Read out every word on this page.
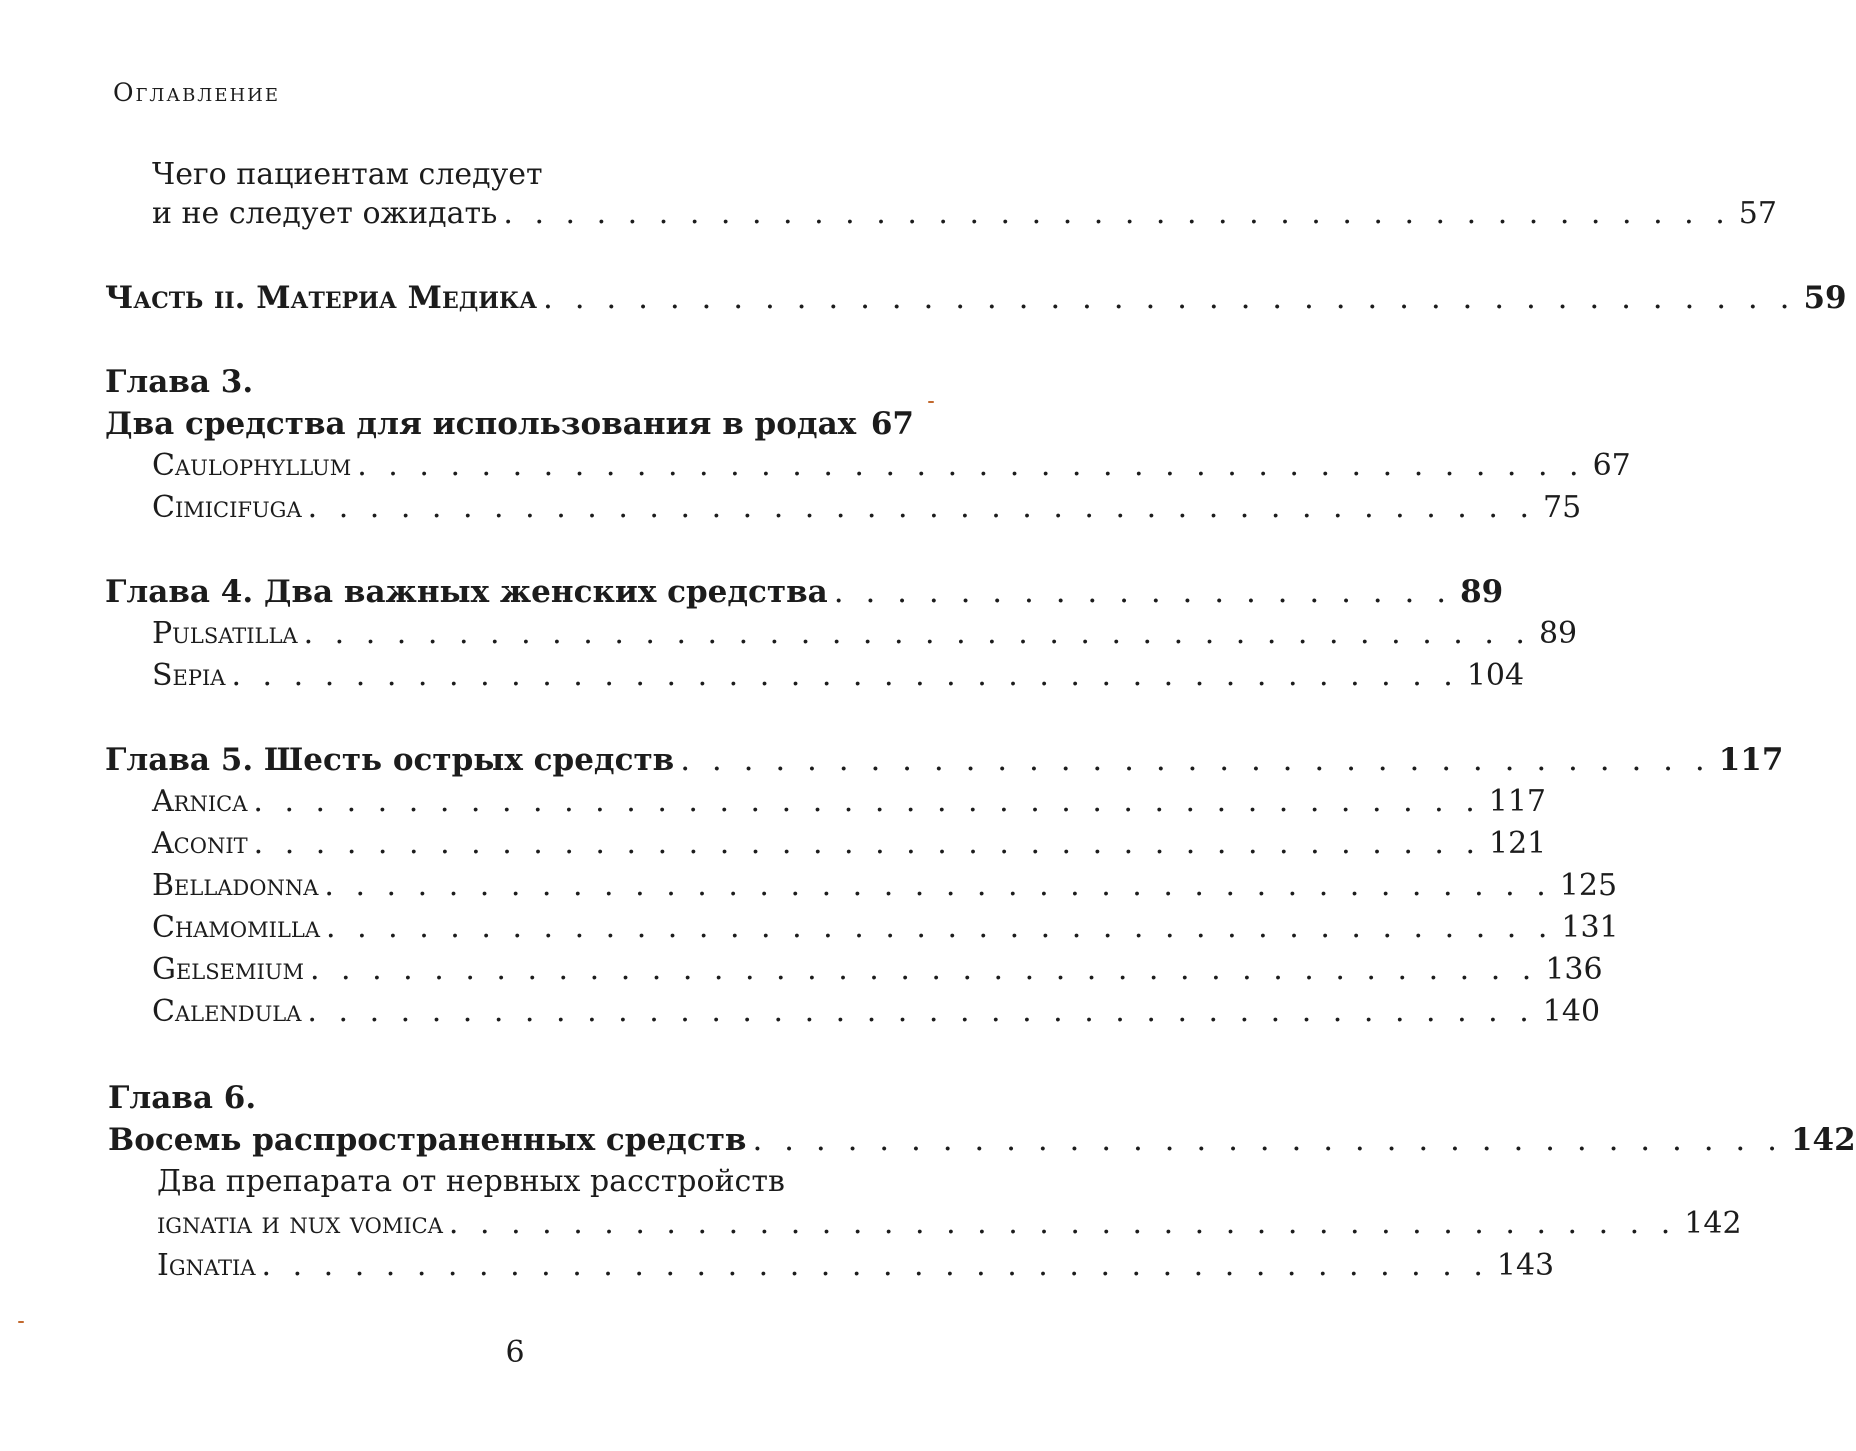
Оглавление
Чего пациентам следует
и не следует ожидать . . . . . . . . . . . . . . . . . . . . . . . . . . . . . . . . . . . . . . . . 57
Часть ii. Материа Медика . . . . . . . . . . . . . . . . . . . . . . . . . . . . . . . . . . . . . . . . 59
Глава 3.
Два средства для использования в родах 67
Caulophyllum . . . . . . . . . . . . . . . . . . . . . . . . . . . . . . . . . . . . . . . . 67
Cimicifuga . . . . . . . . . . . . . . . . . . . . . . . . . . . . . . . . . . . . . . . . 75
Глава 4. Два важных женских средства . . . . . . . . . . . . . . . . . . . . 89
Pulsatilla . . . . . . . . . . . . . . . . . . . . . . . . . . . . . . . . . . . . . . . . 89
Sepia . . . . . . . . . . . . . . . . . . . . . . . . . . . . . . . . . . . . . . . . 104
Глава 5. Шесть острых средств . . . . . . . . . . . . . . . . . . . . . . . . . . . . . . . . . 117
Arnica . . . . . . . . . . . . . . . . . . . . . . . . . . . . . . . . . . . . . . . . 117
Aconit . . . . . . . . . . . . . . . . . . . . . . . . . . . . . . . . . . . . . . . . 121
Belladonna . . . . . . . . . . . . . . . . . . . . . . . . . . . . . . . . . . . . . . . . 125
Chamomilla . . . . . . . . . . . . . . . . . . . . . . . . . . . . . . . . . . . . . . . . 131
Gelsemium . . . . . . . . . . . . . . . . . . . . . . . . . . . . . . . . . . . . . . . . 136
Calendula . . . . . . . . . . . . . . . . . . . . . . . . . . . . . . . . . . . . . . . . 140
Глава 6.
Восемь распространенных средств . . . . . . . . . . . . . . . . . . . . . . . . . . . . . . . . . 142
Два препарата от нервных расстройств
ignatia и nux vomica . . . . . . . . . . . . . . . . . . . . . . . . . . . . . . . . . . . . . . . . 142
Ignatia . . . . . . . . . . . . . . . . . . . . . . . . . . . . . . . . . . . . . . . . 143
6
